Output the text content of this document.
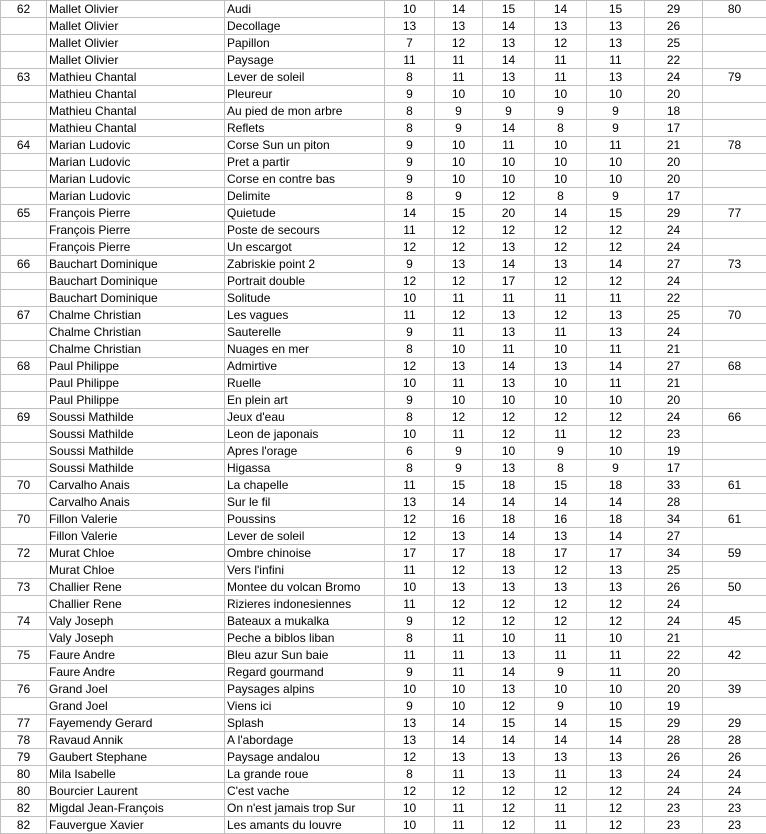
62	Mallet Olivier	Audi	10	14	15	14	15	29	80
	Mallet Olivier	Decollage	13	13	14	13	13	26	
	Mallet Olivier	Papillon	7	12	13	12	13	25	
	Mallet Olivier	Paysage	11	11	14	11	11	22	
63	Mathieu Chantal	Lever de soleil	8	11	13	11	13	24	79
	Mathieu Chantal	Pleureur	9	10	10	10	10	20	
	Mathieu Chantal	Au pied de mon arbre	8	9	9	9	9	18	
	Mathieu Chantal	Reflets	8	9	14	8	9	17	
64	Marian Ludovic	Corse Sun un piton	9	10	11	10	11	21	78
	Marian Ludovic	Pret a partir	9	10	10	10	10	20	
	Marian Ludovic	Corse en contre bas	9	10	10	10	10	20	
	Marian Ludovic	Delimite	8	9	12	8	9	17	
65	François Pierre	Quietude	14	15	20	14	15	29	77
	François Pierre	Poste de secours	11	12	12	12	12	24	
	François Pierre	Un escargot	12	12	13	12	12	24	
66	Bauchart Dominique	Zabriskie point 2	9	13	14	13	14	27	73
	Bauchart Dominique	Portrait double	12	12	17	12	12	24	
	Bauchart Dominique	Solitude	10	11	11	11	11	22	
67	Chalme Christian	Les vagues	11	12	13	12	13	25	70
	Chalme Christian	Sauterelle	9	11	13	11	13	24	
	Chalme Christian	Nuages en mer	8	10	11	10	11	21	
68	Paul Philippe	Admirtive	12	13	14	13	14	27	68
	Paul Philippe	Ruelle	10	11	13	10	11	21	
	Paul Philippe	En plein art	9	10	10	10	10	20	
69	Soussi Mathilde	Jeux d'eau	8	12	12	12	12	24	66
	Soussi Mathilde	Leon de japonais	10	11	12	11	12	23	
	Soussi Mathilde	Apres l'orage	6	9	10	9	10	19	
	Soussi Mathilde	Higassa	8	9	13	8	9	17	
70	Carvalho Anais	La chapelle	11	15	18	15	18	33	61
	Carvalho Anais	Sur le fil	13	14	14	14	14	28	
70	Fillon Valerie	Poussins	12	16	18	16	18	34	61
	Fillon Valerie	Lever de soleil	12	13	14	13	14	27	
72	Murat Chloe	Ombre chinoise	17	17	18	17	17	34	59
	Murat Chloe	Vers l'infini	11	12	13	12	13	25	
73	Challier Rene	Montee du volcan Bromo	10	13	13	13	13	26	50
	Challier Rene	Rizieres indonesiennes	11	12	12	12	12	24	
74	Valy Joseph	Bateaux a mukalka	9	12	12	12	12	24	45
	Valy Joseph	Peche a biblos liban	8	11	10	11	10	21	
75	Faure Andre	Bleu azur Sun baie	11	11	13	11	11	22	42
	Faure Andre	Regard gourmand	9	11	14	9	11	20	
76	Grand Joel	Paysages alpins	10	10	13	10	10	20	39
	Grand Joel	Viens ici	9	10	12	9	10	19	
77	Fayemendy Gerard	Splash	13	14	15	14	15	29	29
78	Ravaud Annik	A l'abordage	13	14	14	14	14	28	28
79	Gaubert Stephane	Paysage andalou	12	13	13	13	13	26	26
80	Mila Isabelle	La grande roue	8	11	13	11	13	24	24
80	Bourcier Laurent	C'est vache	12	12	12	12	12	24	24
82	Migdal Jean-François	On n'est jamais trop Sur	10	11	12	11	12	23	23
82	Fauvergue Xavier	Les amants du louvre	10	11	12	11	12	23	23
